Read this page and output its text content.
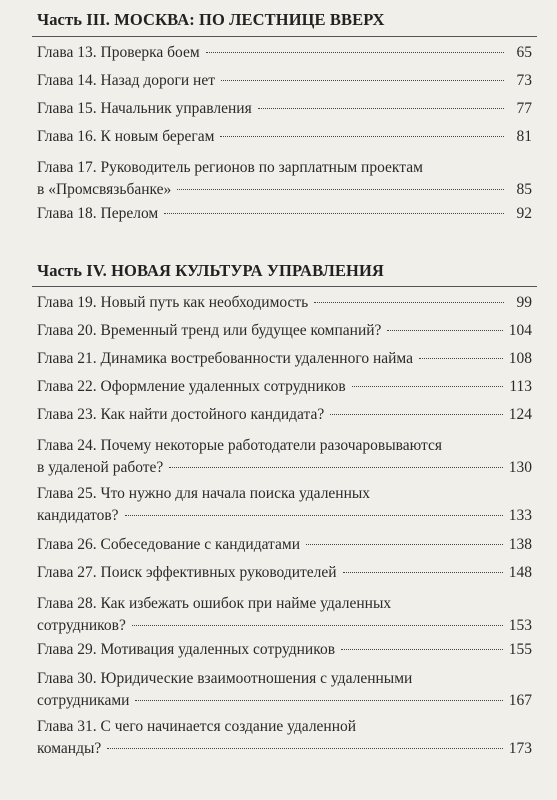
Часть III. МОСКВА: ПО ЛЕСТНИЦЕ ВВЕРХ
Глава 13. Проверка боем	65
Глава 14. Назад дороги нет	73
Глава 15. Начальник управления	77
Глава 16. К новым берегам	81
Глава 17. Руководитель регионов по зарплатным проектам
в «Промсвязьбанке»	85
Глава 18. Перелом	92
Часть IV. НОВАЯ КУЛЬТУРА УПРАВЛЕНИЯ
Глава 19. Новый путь как необходимость	99
Глава 20. Временный тренд или будущее компаний?	104
Глава 21. Динамика востребованности удаленного найма	108
Глава 22. Оформление удаленных сотрудников	113
Глава 23. Как найти достойного кандидата?	124
Глава 24. Почему некоторые работодатели разочаровываются
в удаленой работе?	130
Глава 25. Что нужно для начала поиска удаленных
кандидатов?	133
Глава 26. Собеседование с кандидатами	138
Глава 27. Поиск эффективных руководителей	148
Глава 28. Как избежать ошибок при найме удаленных
сотрудников?	153
Глава 29. Мотивация удаленных сотрудников	155
Глава 30. Юридические взаимоотношения с удаленными
сотрудниками	167
Глава 31. С чего начинается создание удаленной
команды?	173
